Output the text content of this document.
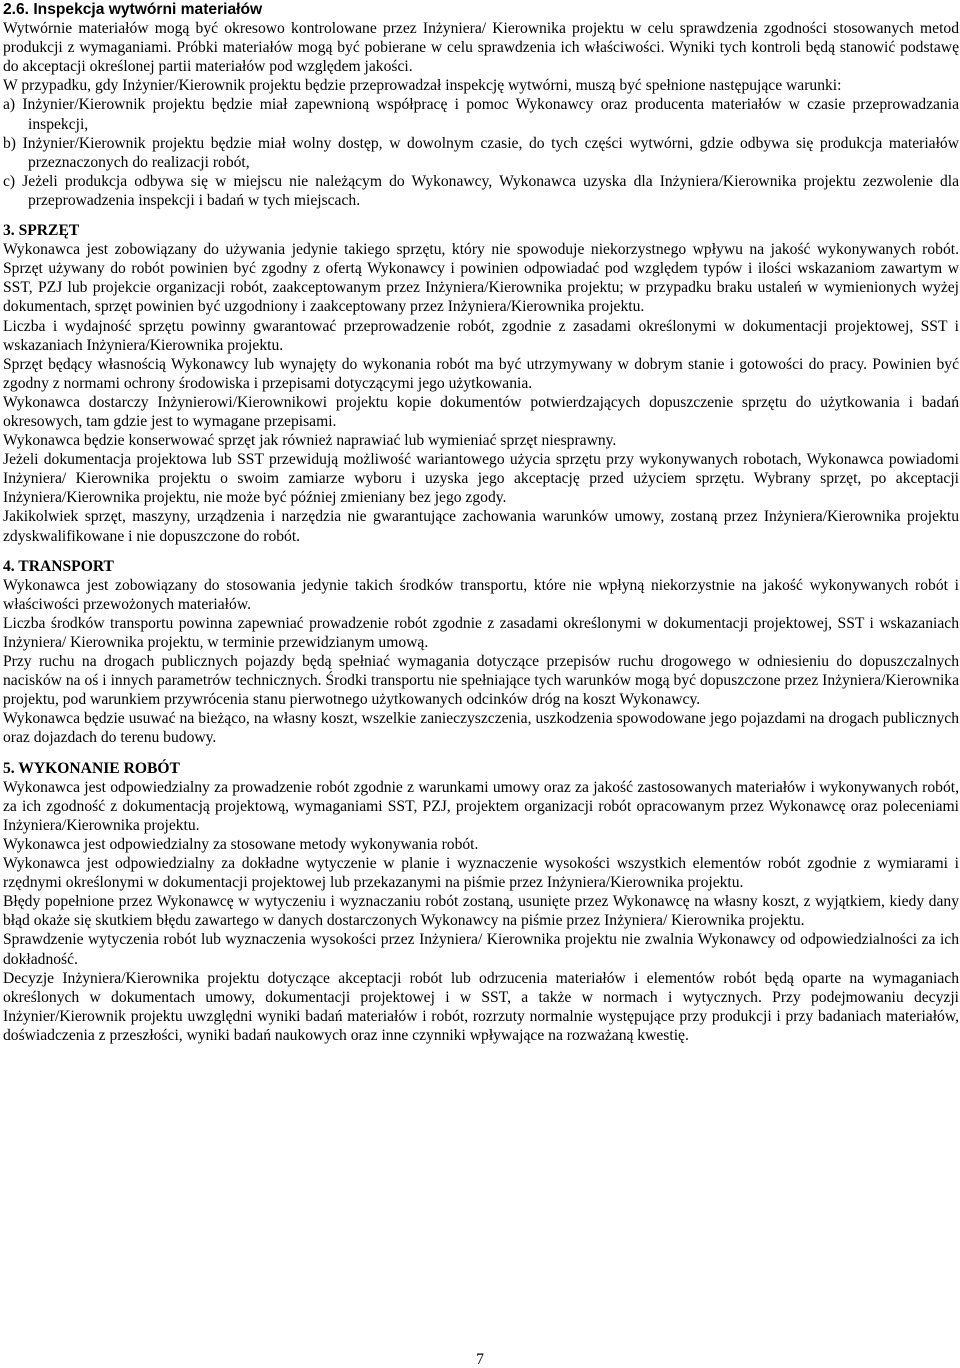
2.6. Inspekcja wytwórni materiałów

Wytwórnie materiałów mogą być okresowo kontrolowane przez Inżyniera/ Kierownika projektu w celu sprawdzenia zgodności stosowanych metod produkcji z wymaganiami. Próbki materiałów mogą być pobierane w celu sprawdzenia ich właściwości. Wyniki tych kontroli będą stanowić podstawę do akceptacji określonej partii materiałów pod względem jakości.

W przypadku, gdy Inżynier/Kierownik projektu będzie przeprowadzał inspekcję wytwórni, muszą być spełnione następujące warunki:

a) Inżynier/Kierownik projektu będzie miał zapewnioną współpracę i pomoc Wykonawcy oraz producenta materiałów w czasie przeprowadzania inspekcji,

b) Inżynier/Kierownik projektu będzie miał wolny dostęp, w dowolnym czasie, do tych części wytwórni, gdzie odbywa się produkcja materiałów przeznaczonych do realizacji robót,

c) Jeżeli produkcja odbywa się w miejscu nie należącym do Wykonawcy, Wykonawca uzyska dla Inżyniera/Kierownika projektu zezwolenie dla przeprowadzenia inspekcji i badań w tych miejscach.

3. SPRZĘT

Wykonawca jest zobowiązany do używania jedynie takiego sprzętu, który nie spowoduje niekorzystnego wpływu na jakość wykonywanych robót. Sprzęt używany do robót powinien być zgodny z ofertą Wykonawcy i powinien odpowiadać pod względem typów i ilości wskazaniom zawartym w SST, PZJ lub projekcie organizacji robót, zaakceptowanym przez Inżyniera/Kierownika projektu; w przypadku braku ustaleń w wymienionych wyżej dokumentach, sprzęt powinien być uzgodniony i zaakceptowany przez Inżyniera/Kierownika projektu.

Liczba i wydajność sprzętu powinny gwarantować przeprowadzenie robót, zgodnie z zasadami określonymi w dokumentacji projektowej, SST i wskazaniach Inżyniera/Kierownika projektu.

Sprzęt będący własnością Wykonawcy lub wynajęty do wykonania robót ma być utrzymywany w dobrym stanie i gotowości do pracy. Powinien być zgodny z normami ochrony środowiska i przepisami dotyczącymi jego użytkowania.

Wykonawca dostarczy Inżynierowi/Kierownikowi projektu kopie dokumentów potwierdzających dopuszczenie sprzętu do użytkowania i badań okresowych, tam gdzie jest to wymagane przepisami.

Wykonawca będzie konserwować sprzęt jak również naprawiać lub wymieniać sprzęt niesprawny.

Jeżeli dokumentacja projektowa lub SST przewidują możliwość wariantowego użycia sprzętu przy wykonywanych robotach, Wykonawca powiadomi Inżyniera/ Kierownika projektu o swoim zamiarze wyboru i uzyska jego akceptację przed użyciem sprzętu. Wybrany sprzęt, po akceptacji Inżyniera/Kierownika projektu, nie może być później zmieniany bez jego zgody.

Jakikolwiek sprzęt, maszyny, urządzenia i narzędzia nie gwarantujące zachowania warunków umowy, zostaną przez Inżyniera/Kierownika projektu zdyskwalifikowane i nie dopuszczone do robót.

4. TRANSPORT

Wykonawca jest zobowiązany do stosowania jedynie takich środków transportu, które nie wpłyną niekorzystnie na jakość wykonywanych robót i właściwości przewożonych materiałów.

Liczba środków transportu powinna zapewniać prowadzenie robót zgodnie z zasadami określonymi w dokumentacji projektowej, SST i wskazaniach Inżyniera/ Kierownika projektu, w terminie przewidzianym umową.

Przy ruchu na drogach publicznych pojazdy będą spełniać wymagania dotyczące przepisów ruchu drogowego w odniesieniu do dopuszczalnych nacisków na oś i innych parametrów technicznych. Środki transportu nie spełniające tych warunków mogą być dopuszczone przez Inżyniera/Kierownika projektu, pod warunkiem przywrócenia stanu pierwotnego użytkowanych odcinków dróg na koszt Wykonawcy.

Wykonawca będzie usuwać na bieżąco, na własny koszt, wszelkie zanieczyszczenia, uszkodzenia spowodowane jego pojazdami na drogach publicznych oraz dojazdach do terenu budowy.

5. WYKONANIE ROBÓT

Wykonawca jest odpowiedzialny za prowadzenie robót zgodnie z warunkami umowy oraz za jakość zastosowanych materiałów i wykonywanych robót, za ich zgodność z dokumentacją projektową, wymaganiami SST, PZJ, projektem organizacji robót opracowanym przez Wykonawcę oraz poleceniami Inżyniera/Kierownika projektu.

Wykonawca jest odpowiedzialny za stosowane metody wykonywania robót.

Wykonawca jest odpowiedzialny za dokładne wytyczenie w planie i wyznaczenie wysokości wszystkich elementów robót zgodnie z wymiarami i rzędnymi określonymi w dokumentacji projektowej lub przekazanymi na piśmie przez Inżyniera/Kierownika projektu.

Błędy popełnione przez Wykonawcę w wytyczeniu i wyznaczaniu robót zostaną, usunięte przez Wykonawcę na własny koszt, z wyjątkiem, kiedy dany błąd okaże się skutkiem błędu zawartego w danych dostarczonych Wykonawcy na piśmie przez Inżyniera/ Kierownika projektu.

Sprawdzenie wytyczenia robót lub wyznaczenia wysokości przez Inżyniera/ Kierownika projektu nie zwalnia Wykonawcy od odpowiedzialności za ich dokładność.

Decyzje Inżyniera/Kierownika projektu dotyczące akceptacji robót lub odrzucenia materiałów i elementów robót będą oparte na wymaganiach określonych w dokumentach umowy, dokumentacji projektowej i w SST, a także w normach i wytycznych. Przy podejmowaniu decyzji Inżynier/Kierownik projektu uwzględni wyniki badań materiałów i robót, rozrzuty normalnie występujące przy produkcji i przy badaniach materiałów, doświadczenia z przeszłości, wyniki badań naukowych oraz inne czynniki wpływające na rozważaną kwestię.

7
